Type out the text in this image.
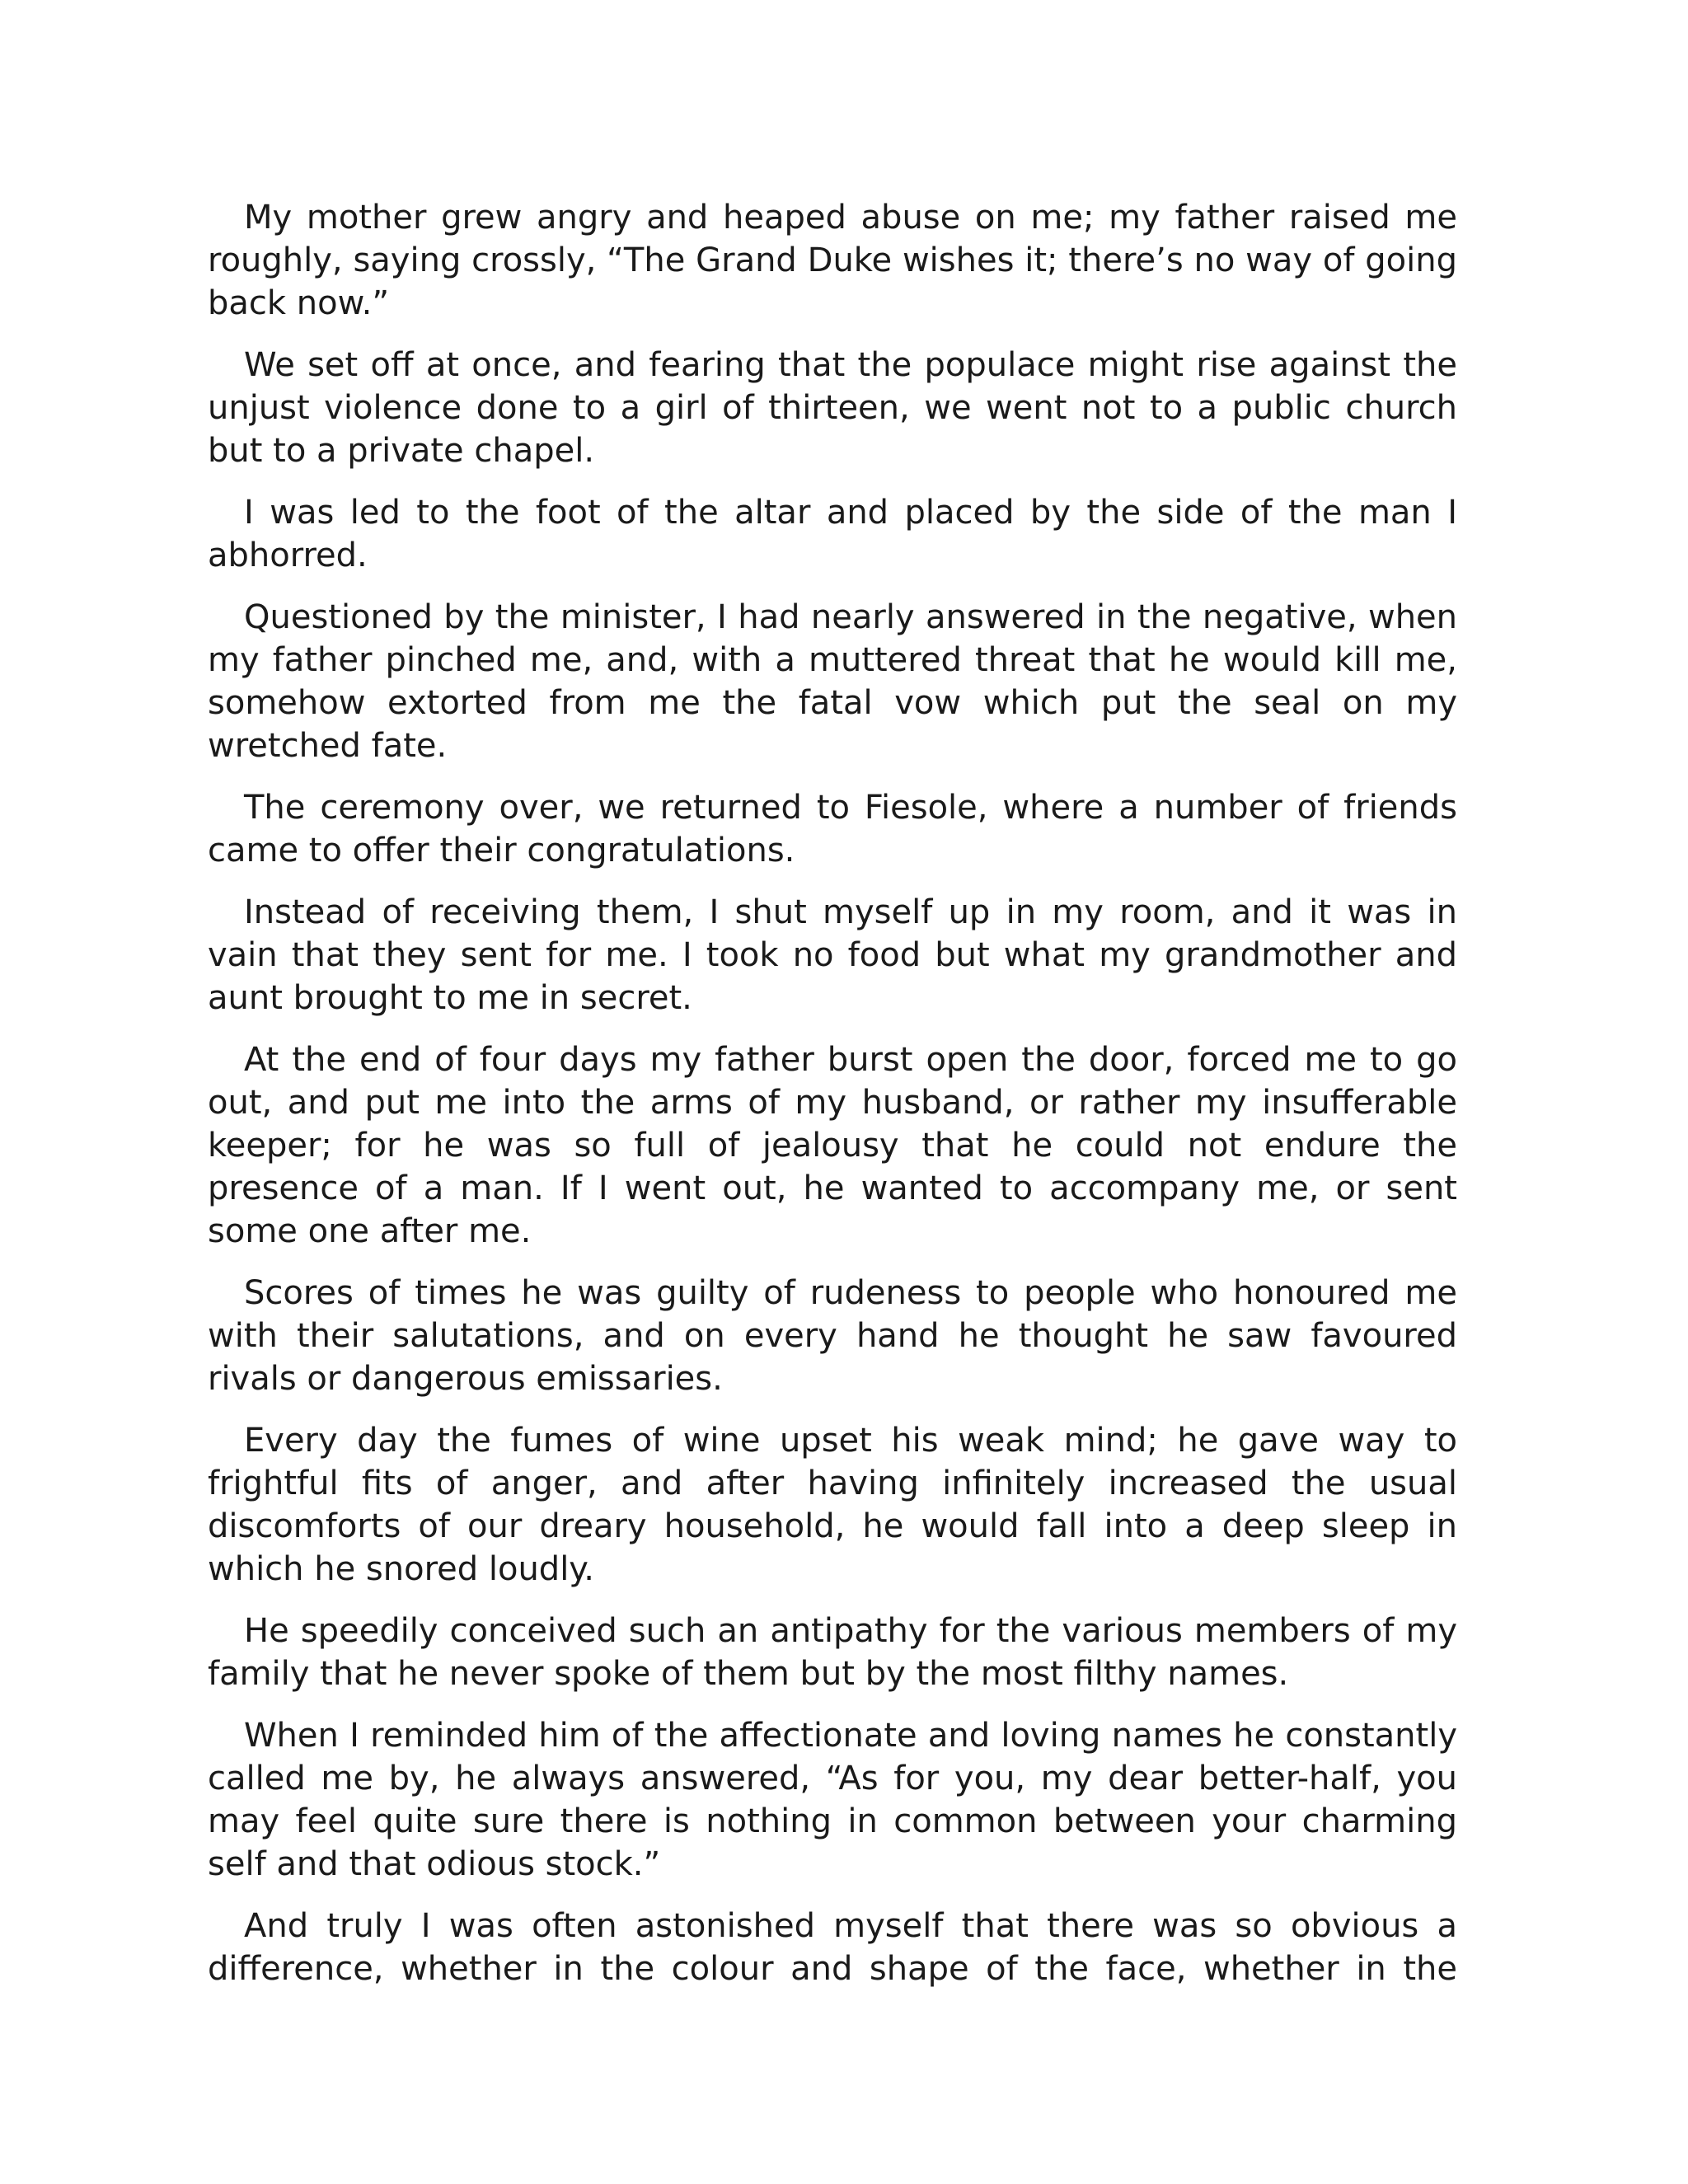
My mother grew angry and heaped abuse on me; my father raised me roughly, saying crossly, “The Grand Duke wishes it; there’s no way of going back now.”

We set off at once, and fearing that the populace might rise against the unjust violence done to a girl of thirteen, we went not to a public church but to a private chapel.

I was led to the foot of the altar and placed by the side of the man I abhorred.

Questioned by the minister, I had nearly answered in the negative, when my father pinched me, and, with a muttered threat that he would kill me, somehow extorted from me the fatal vow which put the seal on my wretched fate.

The ceremony over, we returned to Fiesole, where a number of friends came to offer their congratulations.

Instead of receiving them, I shut myself up in my room, and it was in vain that they sent for me. I took no food but what my grandmother and aunt brought to me in secret.

At the end of four days my father burst open the door, forced me to go out, and put me into the arms of my husband, or rather my insufferable keeper; for he was so full of jealousy that he could not endure the presence of a man. If I went out, he wanted to accompany me, or sent some one after me.

Scores of times he was guilty of rudeness to people who honoured me with their salutations, and on every hand he thought he saw favoured rivals or dangerous emissaries.

Every day the fumes of wine upset his weak mind; he gave way to frightful fits of anger, and after having infinitely increased the usual discomforts of our dreary household, he would fall into a deep sleep in which he snored loudly.

He speedily conceived such an antipathy for the various members of my family that he never spoke of them but by the most filthy names.

When I reminded him of the affectionate and loving names he constantly called me by, he always answered, “As for you, my dear better-half, you may feel quite sure there is nothing in common between your charming self and that odious stock.”

And truly I was often astonished myself that there was so obvious a difference, whether in the colour and shape of the face, whether in the
